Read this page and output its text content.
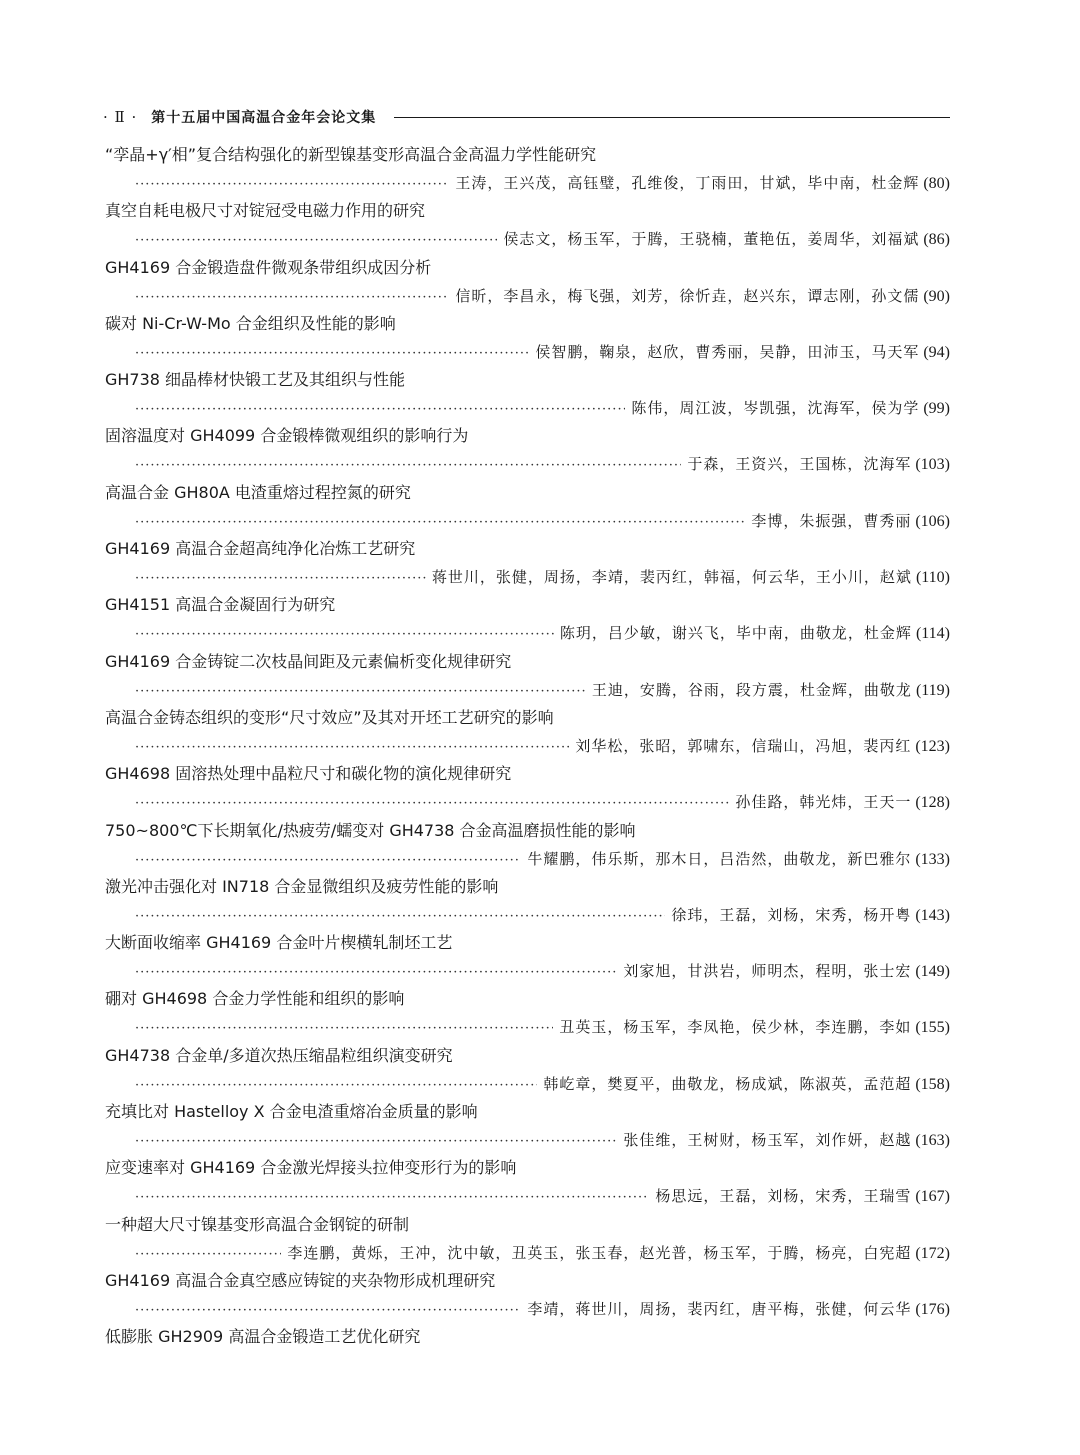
· Ⅱ · 第十五届中国高温合金年会论文集
“孪晶+γ′相”复合结构强化的新型镍基变形高温合金高温力学性能研究
·····
王涛，王兴茂，高钰璧，孔维俊，丁雨田，甘斌，毕中南，杜金辉 (80)
真空自耗电极尺寸对锭冠受电磁力作用的研究
·····
侯志文，杨玉军，于腾，王骁楠，董艳伍，姜周华，刘福斌 (86)
GH4169 合金锻造盘件微观条带组织成因分析
·····
信昕，李昌永，梅飞强，刘芳，徐忻垚，赵兴东，谭志刚，孙文儒 (90)
碳对 Ni-Cr-W-Mo 合金组织及性能的影响
·····
侯智鹏，鞠泉，赵欣，曹秀丽，吴静，田沛玉，马天军 (94)
GH738 细晶棒材快锻工艺及其组织与性能
·····
陈伟，周江波，岑凯强，沈海军，侯为学 (99)
固溶温度对 GH4099 合金锻棒微观组织的影响行为
·····
于森，王资兴，王国栋，沈海军 (103)
高温合金 GH80A 电渣重熔过程控氮的研究
·····
李博，朱振强，曹秀丽 (106)
GH4169 高温合金超高纯净化冶炼工艺研究
·····
蒋世川，张健，周扬，李靖，裴丙红，韩福，何云华，王小川，赵斌 (110)
GH4151 高温合金凝固行为研究
·····
陈玥，吕少敏，谢兴飞，毕中南，曲敬龙，杜金辉 (114)
GH4169 合金铸锭二次枝晶间距及元素偏析变化规律研究
·····
王迪，安腾，谷雨，段方震，杜金辉，曲敬龙 (119)
高温合金铸态组织的变形“尺寸效应”及其对开坯工艺研究的影响
·····
刘华松，张昭，郭啸东，信瑞山，冯旭，裴丙红 (123)
GH4698 固溶热处理中晶粒尺寸和碳化物的演化规律研究
·····
孙佳路，韩光炜，王天一 (128)
750~800℃下长期氧化/热疲劳/蠕变对 GH4738 合金高温磨损性能的影响
·····
牛耀鹏，伟乐斯，那木日，吕浩然，曲敬龙，新巴雅尔 (133)
激光冲击强化对 IN718 合金显微组织及疲劳性能的影响
·····
徐玮，王磊，刘杨，宋秀，杨开粤 (143)
大断面收缩率 GH4169 合金叶片楔横轧制坯工艺
·····
刘家旭，甘洪岩，师明杰，程明，张士宏 (149)
硼对 GH4698 合金力学性能和组织的影响
·····
丑英玉，杨玉军，李凤艳，侯少林，李连鹏，李如 (155)
GH4738 合金单/多道次热压缩晶粒组织演变研究
·····
韩屹章，樊夏平，曲敬龙，杨成斌，陈淑英，孟范超 (158)
充填比对 Hastelloy X 合金电渣重熔冶金质量的影响
·····
张佳维，王树财，杨玉军，刘作妍，赵越 (163)
应变速率对 GH4169 合金激光焊接头拉伸变形行为的影响
·····
杨思远，王磊，刘杨，宋秀，王瑞雪 (167)
一种超大尺寸镍基变形高温合金钢锭的研制
·····
李连鹏，黄烁，王冲，沈中敏，丑英玉，张玉春，赵光普，杨玉军，于腾，杨亮，白宪超 (172)
GH4169 高温合金真空感应铸锭的夹杂物形成机理研究
·····
李靖，蒋世川，周扬，裴丙红，唐平梅，张健，何云华 (176)
低膨胀 GH2909 高温合金锻造工艺优化研究
